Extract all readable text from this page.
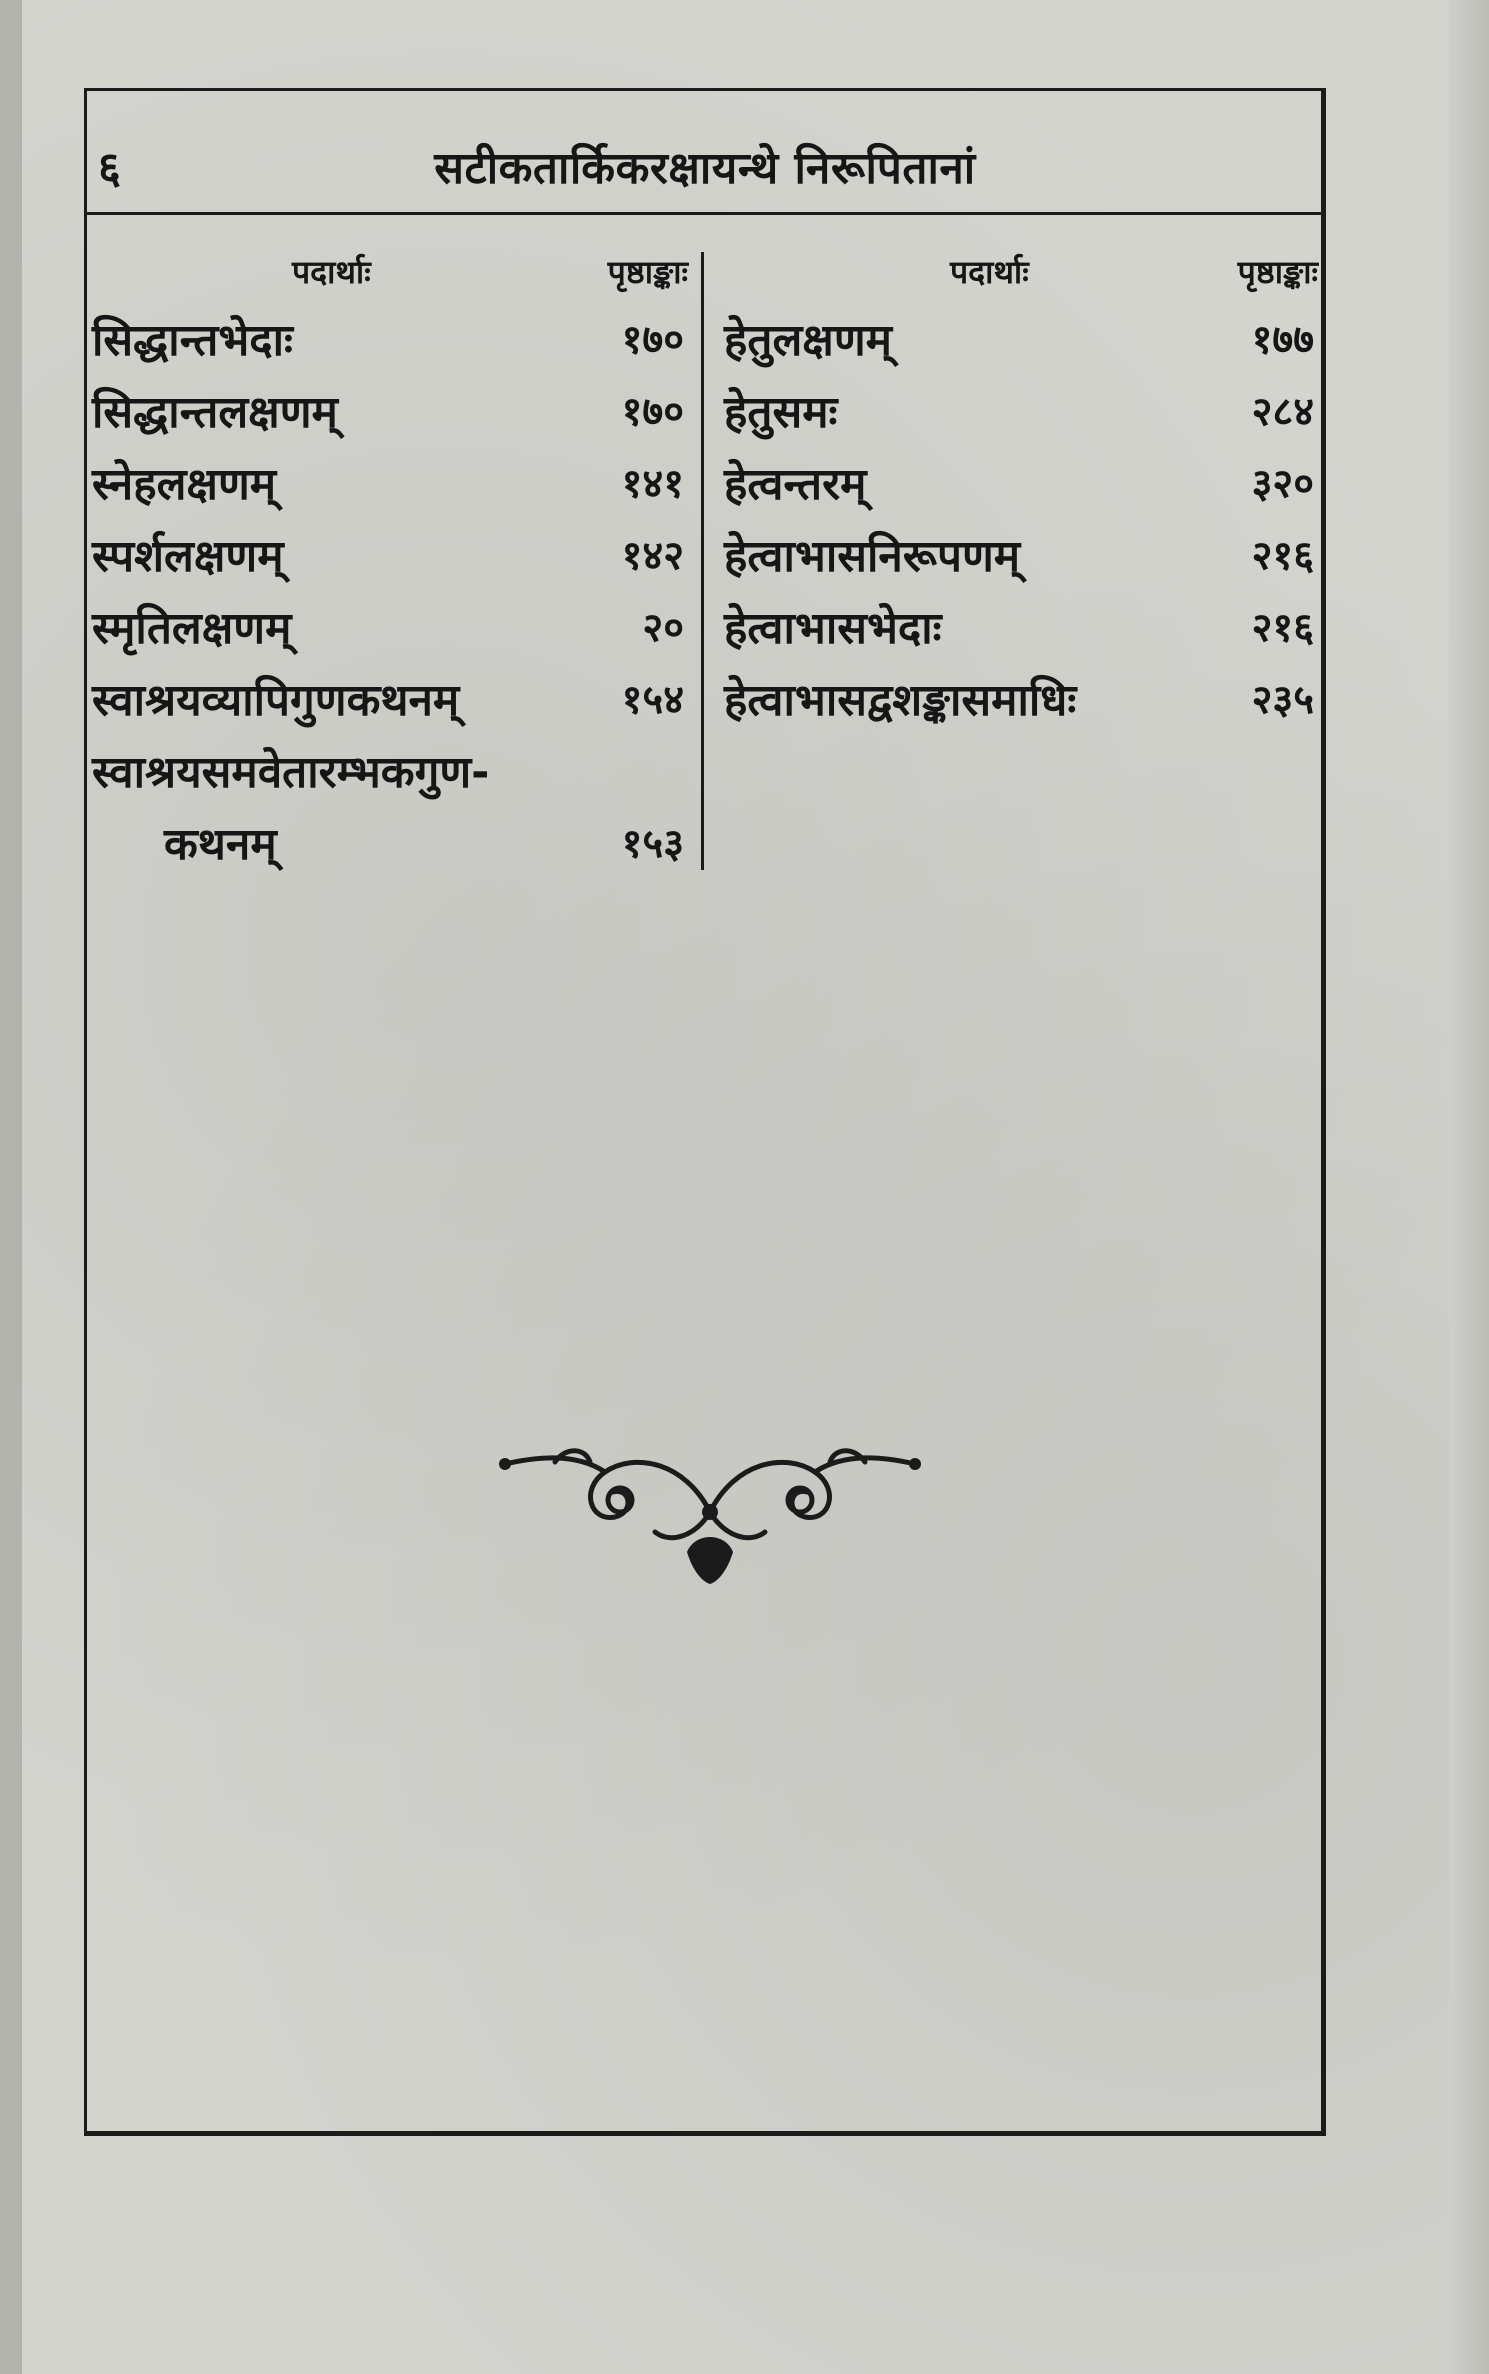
६	सटीकतार्किकरक्षायन्थे निरूपितानां
पदार्थाः	पृष्ठाङ्काः
सिद्धान्तभेदाः	१७०
सिद्धान्तलक्षणम्	१७०
स्नेहलक्षणम्	१४१
स्पर्शलक्षणम्	१४२
स्मृतिलक्षणम्	२०
स्वाश्रयव्यापिगुणकथनम्	१५४
स्वाश्रयसमवेतारम्भकगुण-
कथनम्	१५३
पदार्थाः	पृष्ठाङ्काः
हेतुलक्षणम्	१७७
हेतुसमः	२८४
हेत्वन्तरम्	३२०
हेत्वाभासनिरूपणम्	२१६
हेत्वाभासभेदाः	२१६
हेत्वाभासद्वशङ्कासमाधिः	२३५
